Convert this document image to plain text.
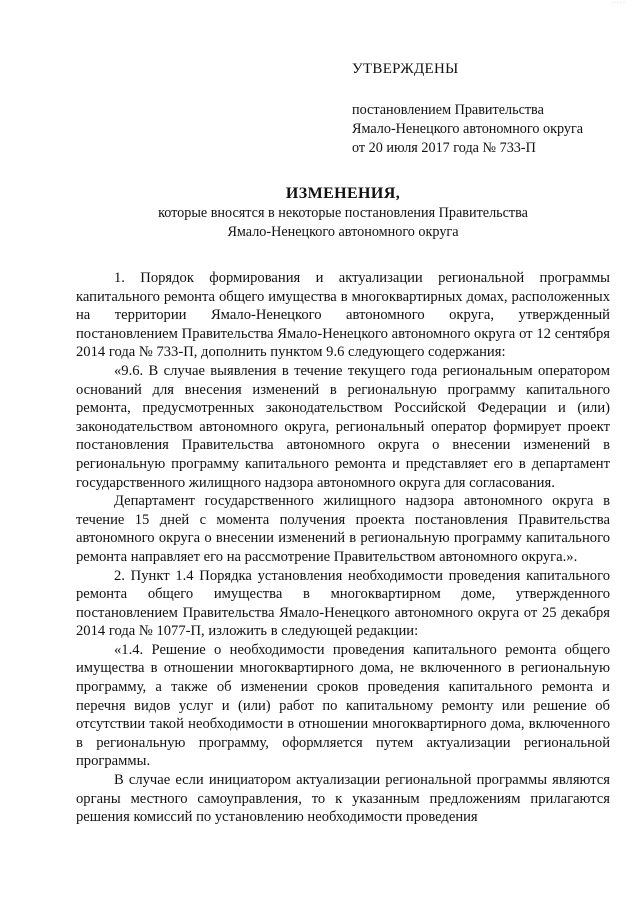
·····
УТВЕРЖДЕНЫ
постановлением Правительства
Ямало-Ненецкого автономного округа
от 20 июля 2017 года № 733-П
ИЗМЕНЕНИЯ,
которые вносятся в некоторые постановления Правительства
Ямало-Ненецкого автономного округа

1. Порядок формирования и актуализации региональной программы капитального ремонта общего имущества в многоквартирных домах, расположенных на территории Ямало-Ненецкого автономного округа, утвержденный постановлением Правительства Ямало-Ненецкого автономного округа от 12 сентября 2014 года № 733-П, дополнить пунктом 9.6 следующего содержания:

«9.6. В случае выявления в течение текущего года региональным оператором оснований для внесения изменений в региональную программу капитального ремонта, предусмотренных законодательством Российской Федерации и (или) законодательством автономного округа, региональный оператор формирует проект постановления Правительства автономного округа о внесении изменений в региональную программу капитального ремонта и представляет его в департамент государственного жилищного надзора автономного округа для согласования.

Департамент государственного жилищного надзора автономного округа в течение 15 дней с момента получения проекта постановления Правительства автономного округа о внесении изменений в региональную программу капитального ремонта направляет его на рассмотрение Правительством автономного округа.».

2. Пункт 1.4 Порядка установления необходимости проведения капитального ремонта общего имущества в многоквартирном доме, утвержденного постановлением Правительства Ямало-Ненецкого автономного округа от 25 декабря 2014 года № 1077-П, изложить в следующей редакции:

«1.4. Решение о необходимости проведения капитального ремонта общего имущества в отношении многоквартирного дома, не включенного в региональную программу, а также об изменении сроков проведения капитального ремонта и перечня видов услуг и (или) работ по капитальному ремонту или решение об отсутствии такой необходимости в отношении многоквартирного дома, включенного в региональную программу, оформляется путем актуализации региональной программы.

В случае если инициатором актуализации региональной программы являются органы местного самоуправления, то к указанным предложениям прилагаются решения комиссий по установлению необходимости проведения
